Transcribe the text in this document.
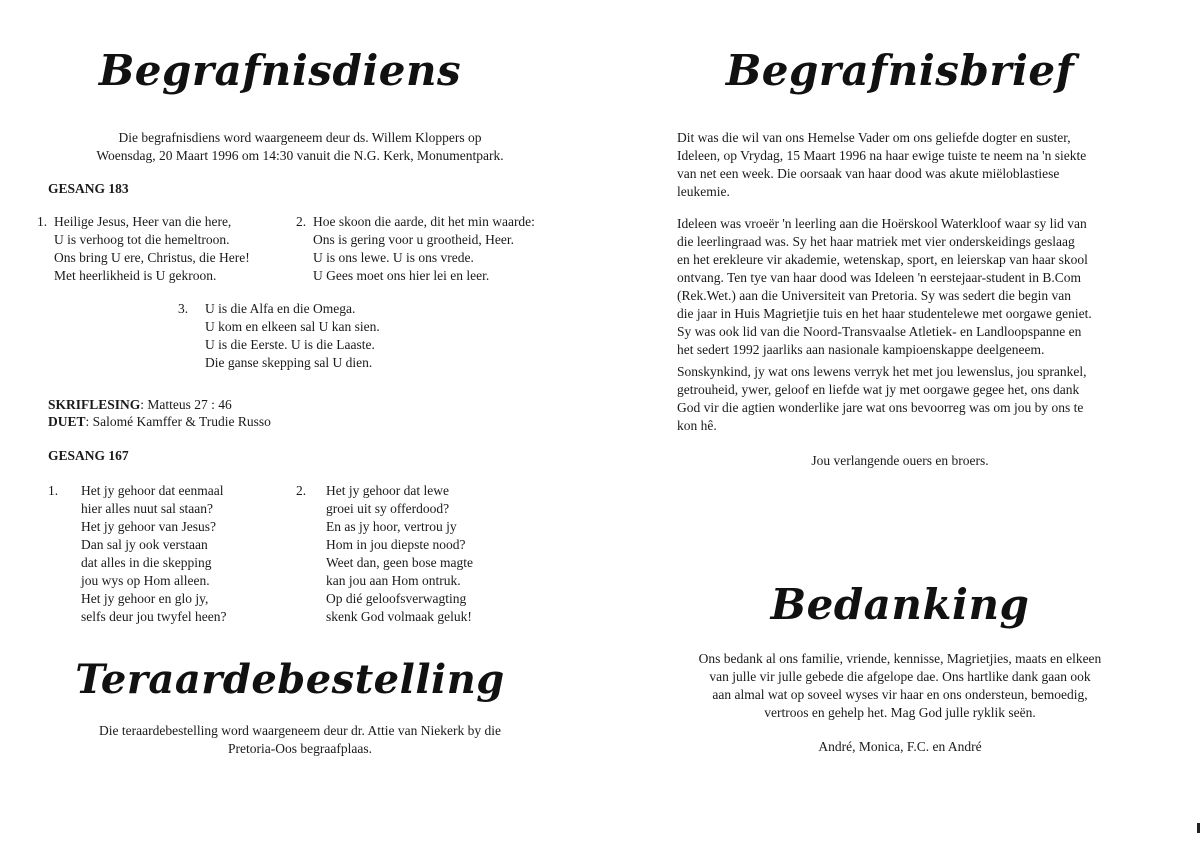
Begrafnisdiens
Die begrafnisdiens word waargeneem deur ds. Willem Kloppers op
Woensdag, 20 Maart 1996 om 14:30 vanuit die N.G. Kerk, Monumentpark.
GESANG 183
1. Heilige Jesus, Heer van die here,
U is verhoog tot die hemeltroon.
Ons bring U ere, Christus, die Here!
Met heerlikheid is U gekroon.
2. Hoe skoon die aarde, dit het min waarde:
Ons is gering voor u grootheid, Heer.
U is ons lewe. U is ons vrede.
U Gees moet ons hier lei en leer.
3. U is die Alfa en die Omega.
U kom en elkeen sal U kan sien.
U is die Eerste. U is die Laaste.
Die ganse skepping sal U dien.
SKRIFLESING: Matteus 27 : 46
DUET: Salomé Kamffer & Trudie Russo
GESANG 167
1. Het jy gehoor dat eenmaal
hier alles nuut sal staan?
Het jy gehoor van Jesus?
Dan sal jy ook verstaan
dat alles in die skepping
jou wys op Hom alleen.
Het jy gehoor en glo jy,
selfs deur jou twyfel heen?
2. Het jy gehoor dat lewe
groei uit sy offerdood?
En as jy hoor, vertrou jy
Hom in jou diepste nood?
Weet dan, geen bose magte
kan jou aan Hom ontruk.
Op dié geloofsverwagting
skenk God volmaak geluk!
Teraardebestelling
Die teraardebestelling word waargeneem deur dr. Attie van Niekerk by die
Pretoria-Oos begraafplaas.
Begrafnisbrief
Dit was die wil van ons Hemelse Vader om ons geliefde dogter en suster,
Ideleen, op Vrydag, 15 Maart 1996 na haar ewige tuiste te neem na 'n siekte
van net een week. Die oorsaak van haar dood was akute miëloblastiese
leukemie.
Ideleen was vroeër 'n leerling aan die Hoërskool Waterkloof waar sy lid van
die leerlingraad was. Sy het haar matriek met vier onderskeidings geslaag
en het erekleure vir akademie, wetenskap, sport, en leierskap van haar skool
ontvang. Ten tye van haar dood was Ideleen 'n eerstejaar-student in B.Com
(Rek.Wet.) aan die Universiteit van Pretoria. Sy was sedert die begin van
die jaar in Huis Magrietjie tuis en het haar studentelewe met oorgawe geniet.
Sy was ook lid van die Noord-Transvaalse Atletiek- en Landloopspanne en
het sedert 1992 jaarliks aan nasionale kampioenskappe deelgeneem.
Sonskynkind, jy wat ons lewens verryk het met jou lewenslus, jou sprankel,
getrouheid, ywer, geloof en liefde wat jy met oorgawe gegee het, ons dank
God vir die agtien wonderlike jare wat ons bevoorreg was om jou by ons te
kon hê.
Jou verlangende ouers en broers.
Bedanking
Ons bedank al ons familie, vriende, kennisse, Magrietjies, maats en elkeen
van julle vir julle gebede die afgelope dae. Ons hartlike dank gaan ook
aan almal wat op soveel wyses vir haar en ons ondersteun, bemoedig,
vertroos en gehelp het. Mag God julle ryklik seën.
André, Monica, F.C. en André
